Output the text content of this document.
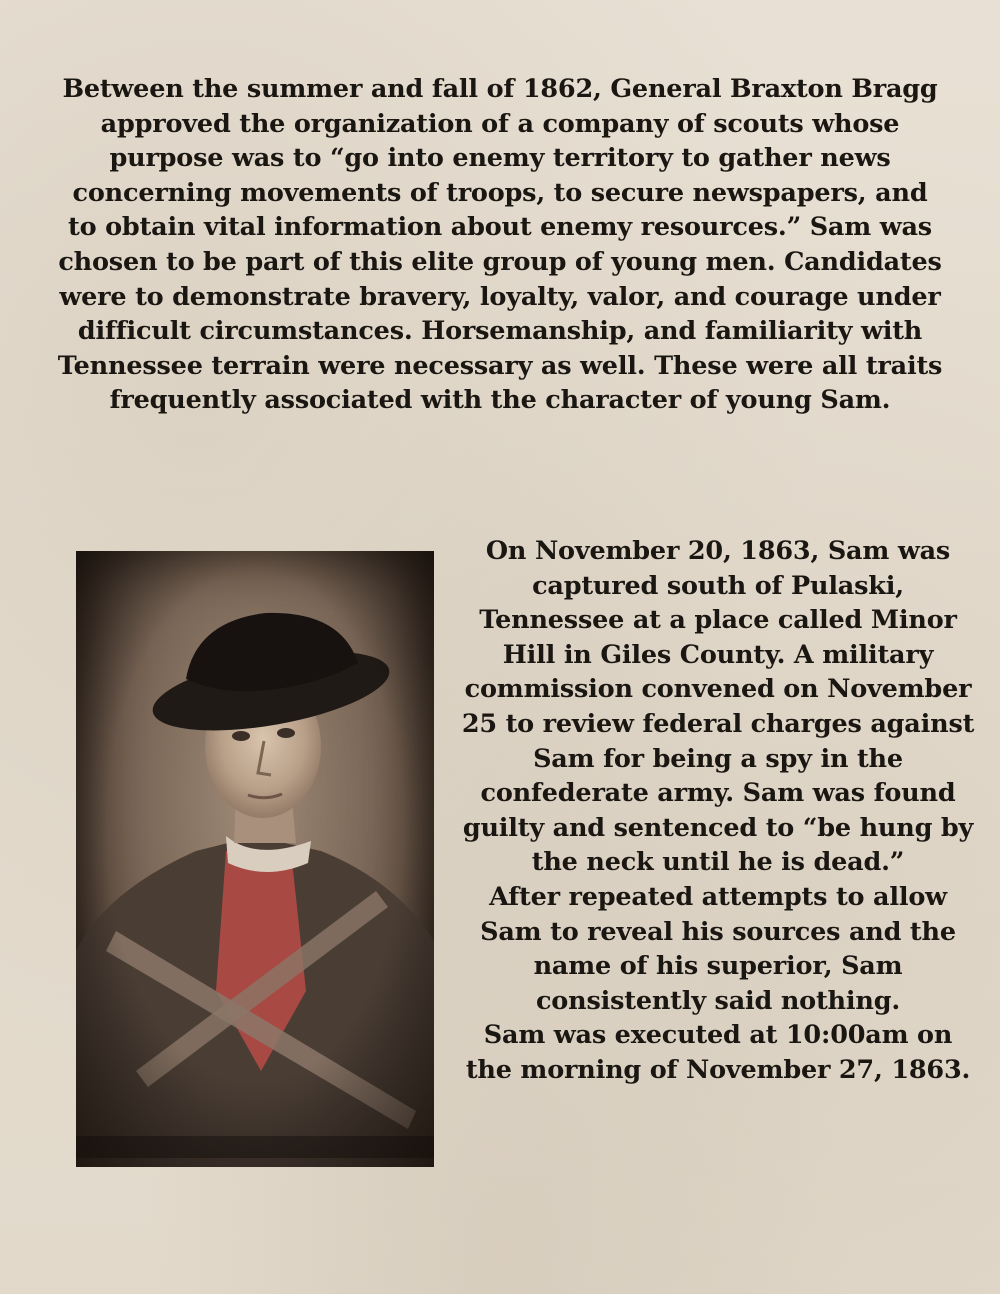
Between the summer and fall of 1862, General Braxton Bragg approved the organization of a company of scouts whose purpose was to “go into enemy territory to gather news concerning movements of troops, to secure newspapers, and to obtain vital information about enemy resources.” Sam was chosen to be part of this elite group of young men. Candidates were to demonstrate bravery, loyalty, valor, and courage under difficult circumstances. Horsemanship, and familiarity with Tennessee terrain were necessary as well. These were all traits frequently associated with the character of young Sam.

On November 20, 1863, Sam was captured south of Pulaski, Tennessee at a place called Minor Hill in Giles County. A military commission convened on November 25 to review federal charges against Sam for being a spy in the confederate army. Sam was found guilty and sentenced to “be hung by the neck until he is dead.”

After repeated attempts to allow Sam to reveal his sources and the name of his superior, Sam consistently said nothing.

Sam was executed at 10:00am on the morning of November 27, 1863.
